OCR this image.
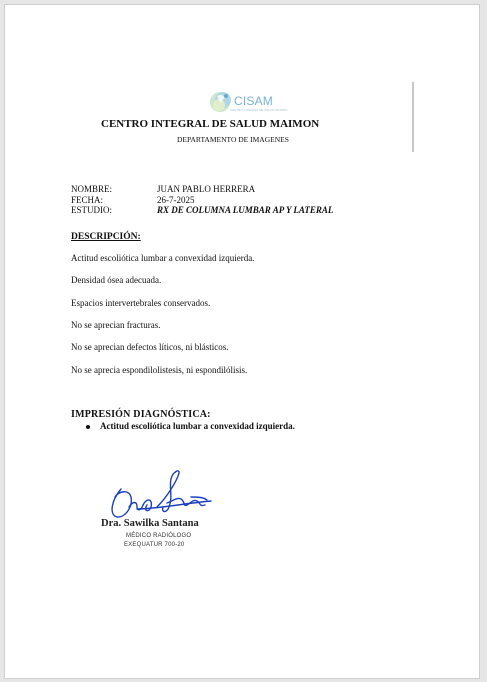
CISAM
CENTRO INTEGRAL DE SALUD MAIMON
CENTRO INTEGRAL DE SALUD MAIMON
DEPARTAMENTO DE IMAGENES
NOMBRE:	JUAN PABLO HERRERA
FECHA:	26-7-2025
ESTUDIO:	RX DE COLUMNA LUMBAR AP Y LATERAL
DESCRIPCIÓN:
Actitud escoliótica lumbar a convexidad izquierda.
Densidad ósea adecuada.
Espacios intervertebrales conservados.
No se aprecian fracturas.
No se aprecian defectos líticos, ni blásticos.
No se aprecia espondilolistesis, ni espondilólisis.
IMPRESIÓN DIAGNÓSTICA:
Actitud escoliótica lumbar a convexidad izquierda.
Dra. Sawilka Santana
MÉDICO RADIÓLOGO
EXEQUATUR 700-20
